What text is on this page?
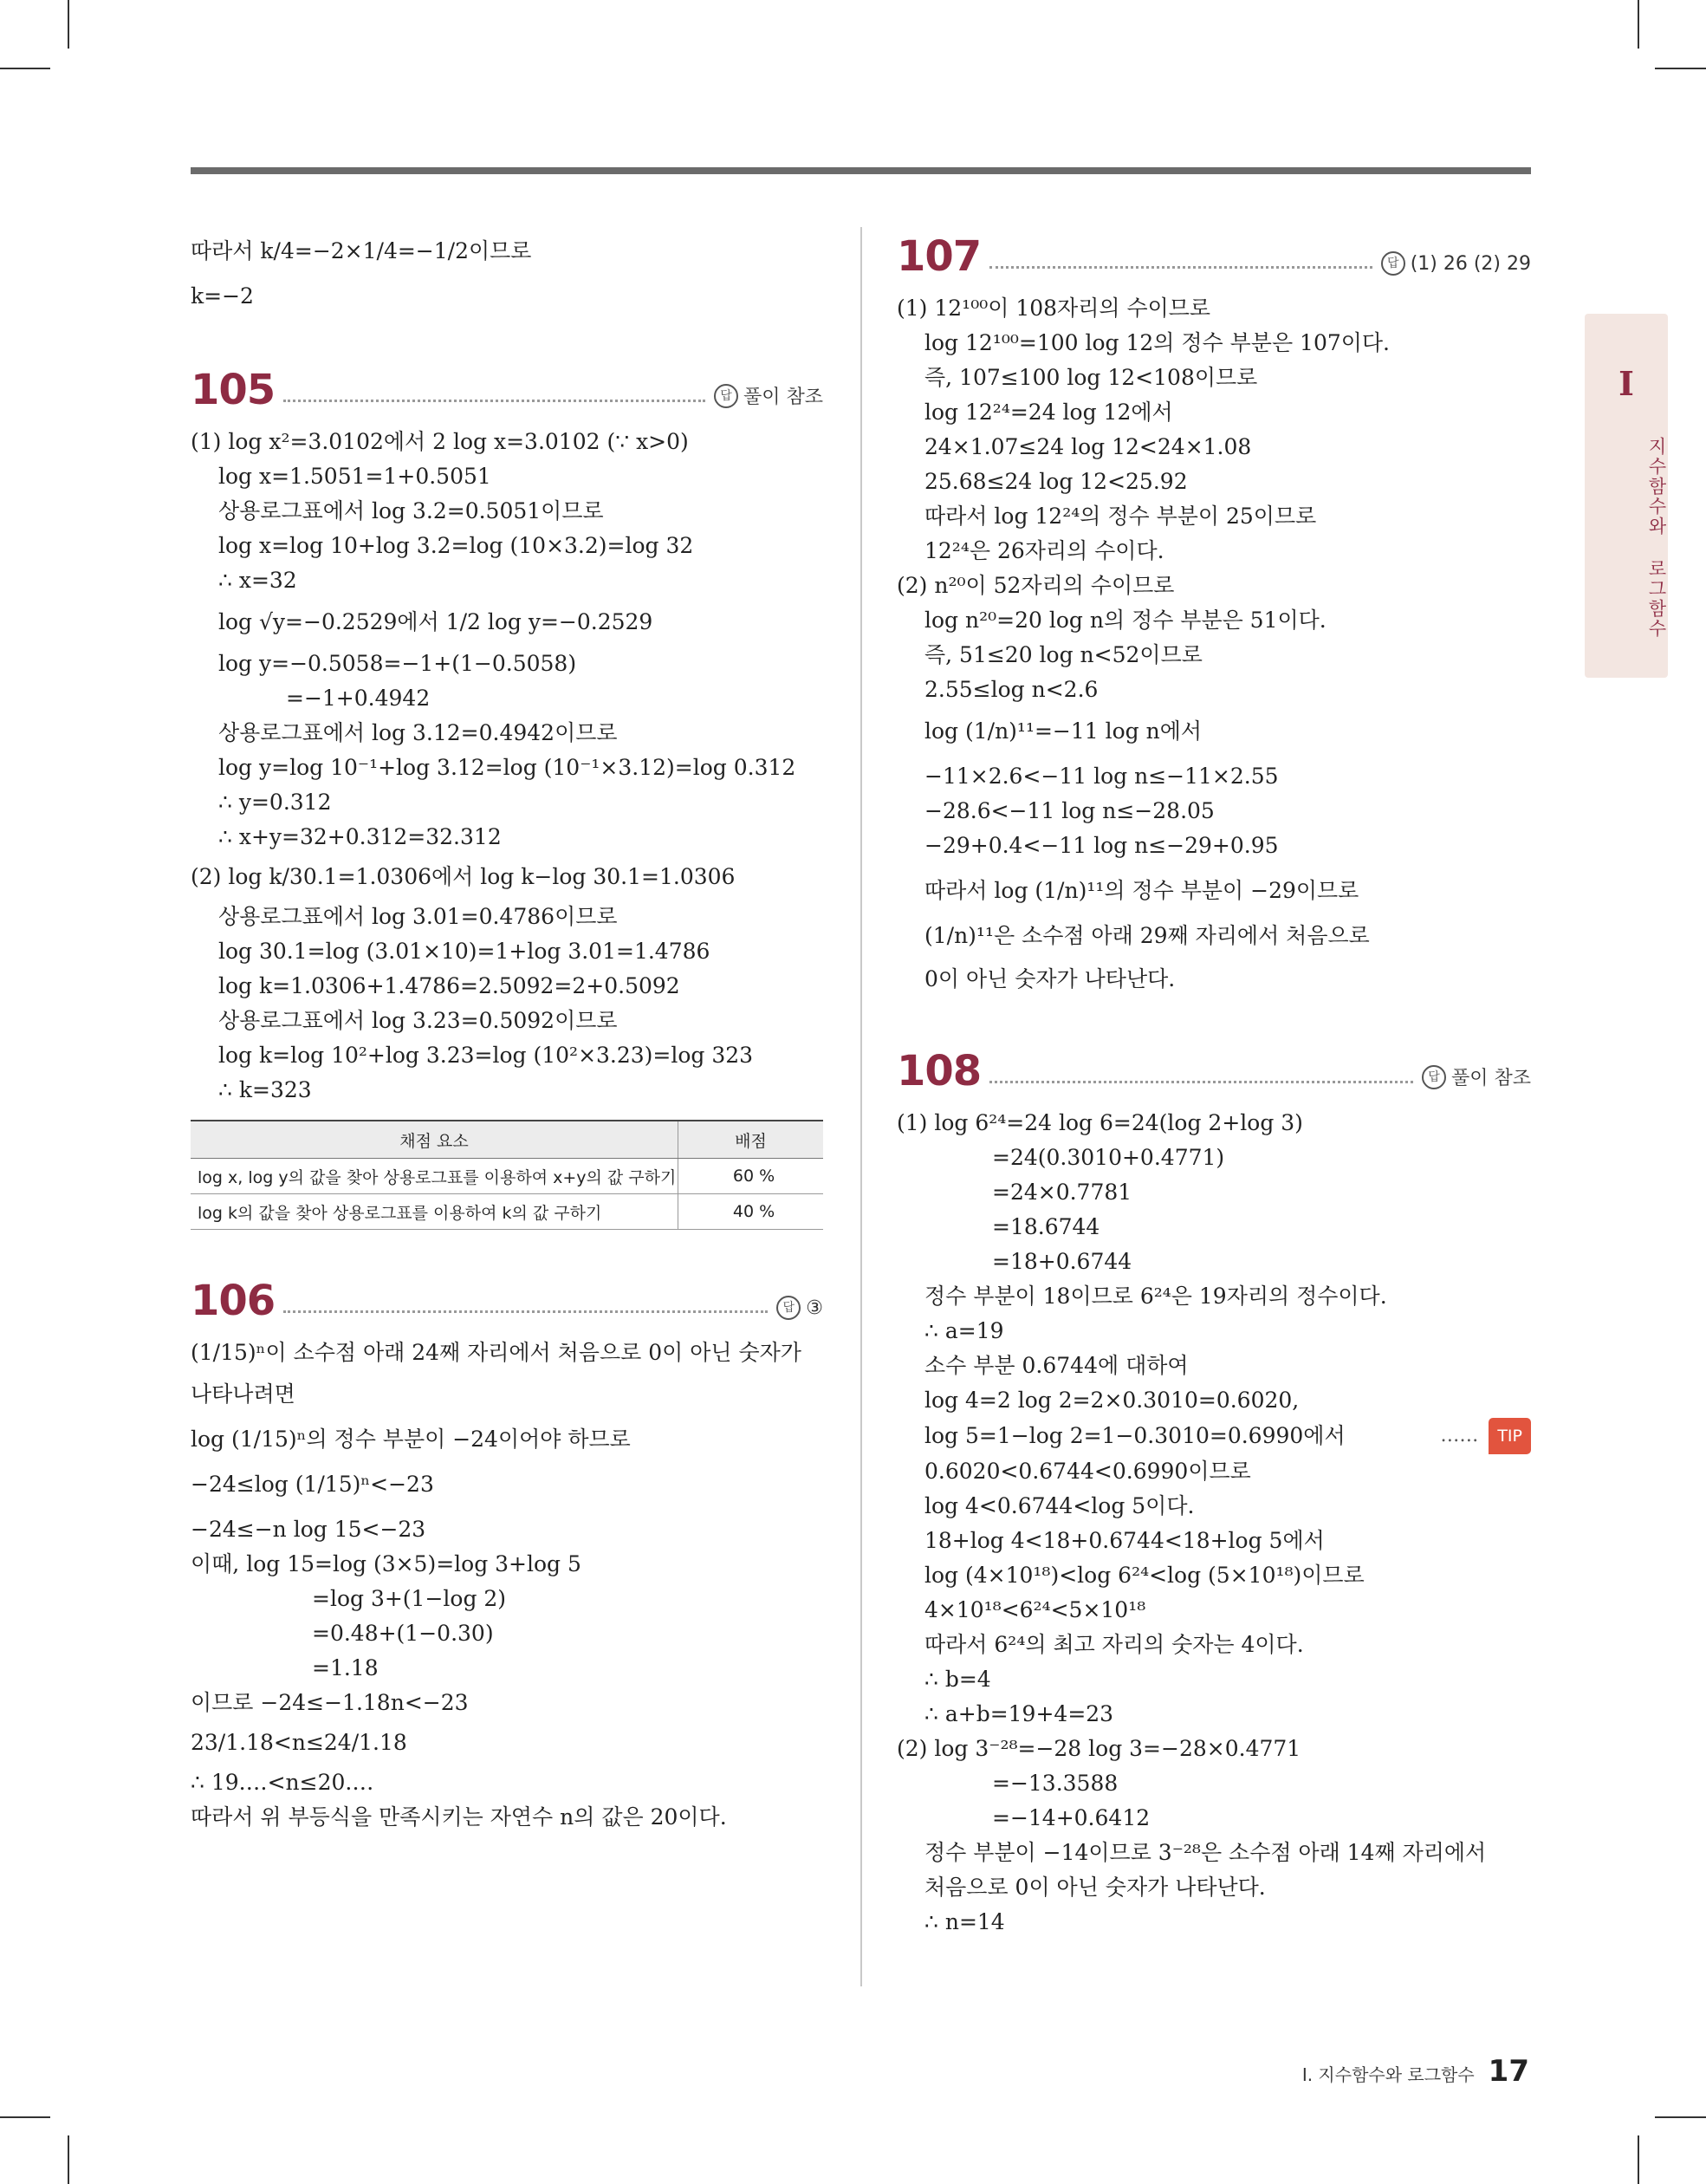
따라서 k/4=−2×1/4=−1/2이므로
k=−2
105	답 풀이 참조
(1) log x²=3.0102에서 2 log x=3.0102 (∵ x>0)
log x=1.5051=1+0.5051
상용로그표에서 log 3.2=0.5051이므로
log x=log 10+log 3.2=log (10×3.2)=log 32
∴ x=32
log √y=−0.2529에서 1/2 log y=−0.2529
log y=−0.5058=−1+(1−0.5058)
=−1+0.4942
상용로그표에서 log 3.12=0.4942이므로
log y=log 10⁻¹+log 3.12=log (10⁻¹×3.12)=log 0.312
∴ y=0.312
∴ x+y=32+0.312=32.312
(2) log k/30.1=1.0306에서 log k−log 30.1=1.0306
상용로그표에서 log 3.01=0.4786이므로
log 30.1=log (3.01×10)=1+log 3.01=1.4786
log k=1.0306+1.4786=2.5092=2+0.5092
상용로그표에서 log 3.23=0.5092이므로
log k=log 10²+log 3.23=log (10²×3.23)=log 323
∴ k=323
채점 요소	배점
log x, log y의 값을 찾아 상용로그표를 이용하여 x+y의 값 구하기	60 %
log k의 값을 찾아 상용로그표를 이용하여 k의 값 구하기	40 %
106	답 ③
(1/15)ⁿ이 소수점 아래 24째 자리에서 처음으로 0이 아닌 숫자가
나타나려면
log (1/15)ⁿ의 정수 부분이 −24이어야 하므로
−24≤log (1/15)ⁿ<−23
−24≤−n log 15<−23
이때, log 15=log (3×5)=log 3+log 5
=log 3+(1−log 2)
=0.48+(1−0.30)
=1.18
이므로 −24≤−1.18n<−23
23/1.18<n≤24/1.18
∴ 19.…<n≤20.…
따라서 위 부등식을 만족시키는 자연수 n의 값은 20이다.
107	답 (1) 26 (2) 29
(1) 12¹⁰⁰이 108자리의 수이므로
log 12¹⁰⁰=100 log 12의 정수 부분은 107이다.
즉, 107≤100 log 12<108이므로
log 12²⁴=24 log 12에서
24×1.07≤24 log 12<24×1.08
25.68≤24 log 12<25.92
따라서 log 12²⁴의 정수 부분이 25이므로
12²⁴은 26자리의 수이다.
(2) n²⁰이 52자리의 수이므로
log n²⁰=20 log n의 정수 부분은 51이다.
즉, 51≤20 log n<52이므로
2.55≤log n<2.6
log (1/n)¹¹=−11 log n에서
−11×2.6<−11 log n≤−11×2.55
−28.6<−11 log n≤−28.05
−29+0.4<−11 log n≤−29+0.95
따라서 log (1/n)¹¹의 정수 부분이 −29이므로
(1/n)¹¹은 소수점 아래 29째 자리에서 처음으로
0이 아닌 숫자가 나타난다.
108	답 풀이 참조
(1) log 6²⁴=24 log 6=24(log 2+log 3)
=24(0.3010+0.4771)
=24×0.7781
=18.6744
=18+0.6744
정수 부분이 18이므로 6²⁴은 19자리의 정수이다.
∴ a=19
소수 부분 0.6744에 대하여
log 4=2 log 2=2×0.3010=0.6020,
log 5=1−log 2=1−0.3010=0.6990에서	……	TIP
0.6020<0.6744<0.6990이므로
log 4<0.6744<log 5이다.
18+log 4<18+0.6744<18+log 5에서
log (4×10¹⁸)<log 6²⁴<log (5×10¹⁸)이므로
4×10¹⁸<6²⁴<5×10¹⁸
따라서 6²⁴의 최고 자리의 숫자는 4이다.
∴ b=4
∴ a+b=19+4=23
(2) log 3⁻²⁸=−28 log 3=−28×0.4771
=−13.3588
=−14+0.6412
정수 부분이 −14이므로 3⁻²⁸은 소수점 아래 14째 자리에서
처음으로 0이 아닌 숫자가 나타난다.
∴ n=14
I
지수함수와 로그함수
Ⅰ. 지수함수와 로그함수 17
